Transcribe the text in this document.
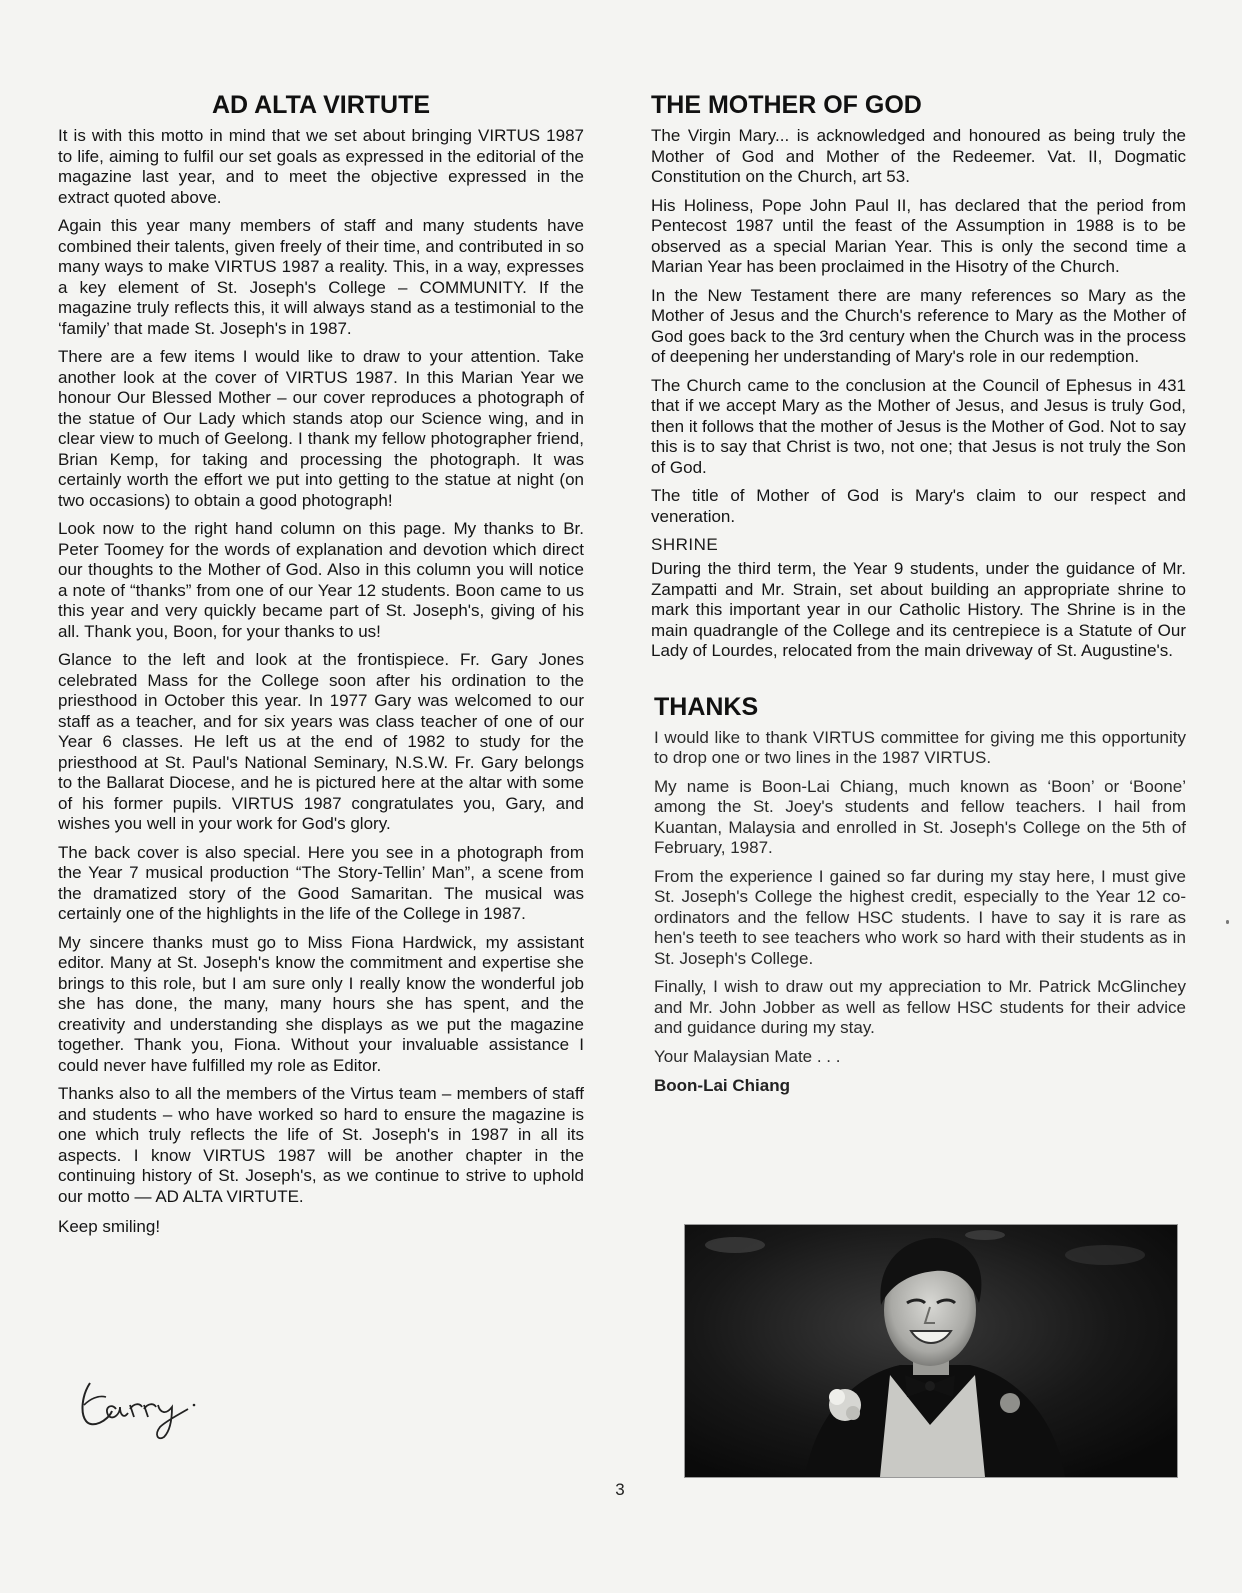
AD ALTA VIRTUTE

It is with this motto in mind that we set about bringing VIRTUS 1987 to life, aiming to fulfil our set goals as expressed in the editorial of the magazine last year, and to meet the objective expressed in the extract quoted above.

Again this year many members of staff and many students have combined their talents, given freely of their time, and contributed in so many ways to make VIRTUS 1987 a reality. This, in a way, expresses a key element of St. Joseph's College – COMMUNITY. If the magazine truly reflects this, it will always stand as a testimonial to the ‘family’ that made St. Joseph's in 1987.

There are a few items I would like to draw to your attention. Take another look at the cover of VIRTUS 1987. In this Marian Year we honour Our Blessed Mother – our cover reproduces a photograph of the statue of Our Lady which stands atop our Science wing, and in clear view to much of Geelong. I thank my fellow photographer friend, Brian Kemp, for taking and processing the photograph. It was certainly worth the effort we put into getting to the statue at night (on two occasions) to obtain a good photograph!

Look now to the right hand column on this page. My thanks to Br. Peter Toomey for the words of explanation and devotion which direct our thoughts to the Mother of God. Also in this column you will notice a note of “thanks” from one of our Year 12 students. Boon came to us this year and very quickly became part of St. Joseph's, giving of his all. Thank you, Boon, for your thanks to us!

Glance to the left and look at the frontispiece. Fr. Gary Jones celebrated Mass for the College soon after his ordination to the priesthood in October this year. In 1977 Gary was welcomed to our staff as a teacher, and for six years was class teacher of one of our Year 6 classes. He left us at the end of 1982 to study for the priesthood at St. Paul's National Seminary, N.S.W. Fr. Gary belongs to the Ballarat Diocese, and he is pictured here at the altar with some of his former pupils. VIRTUS 1987 congratulates you, Gary, and wishes you well in your work for God's glory.

The back cover is also special. Here you see in a photograph from the Year 7 musical production “The Story-Tellin’ Man”, a scene from the dramatized story of the Good Samaritan. The musical was certainly one of the highlights in the life of the College in 1987.

My sincere thanks must go to Miss Fiona Hardwick, my assistant editor. Many at St. Joseph's know the commitment and expertise she brings to this role, but I am sure only I really know the wonderful job she has done, the many, many hours she has spent, and the creativity and understanding she displays as we put the magazine together. Thank you, Fiona. Without your invaluable assistance I could never have fulfilled my role as Editor.

Thanks also to all the members of the Virtus team – members of staff and students – who have worked so hard to ensure the magazine is one which truly reflects the life of St. Joseph's in 1987 in all its aspects. I know VIRTUS 1987 will be another chapter in the continuing history of St. Joseph's, as we continue to strive to uphold our motto — AD ALTA VIRTUTE.

Keep smiling!

THE MOTHER OF GOD

The Virgin Mary... is acknowledged and honoured as being truly the Mother of God and Mother of the Redeemer. Vat. II, Dogmatic Constitution on the Church, art 53.

His Holiness, Pope John Paul II, has declared that the period from Pentecost 1987 until the feast of the Assumption in 1988 is to be observed as a special Marian Year. This is only the second time a Marian Year has been proclaimed in the Hisotry of the Church.

In the New Testament there are many references so Mary as the Mother of Jesus and the Church's reference to Mary as the Mother of God goes back to the 3rd century when the Church was in the process of deepening her understanding of Mary's role in our redemption.

The Church came to the conclusion at the Council of Ephesus in 431 that if we accept Mary as the Mother of Jesus, and Jesus is truly God, then it follows that the mother of Jesus is the Mother of God. Not to say this is to say that Christ is two, not one; that Jesus is not truly the Son of God.

The title of Mother of God is Mary's claim to our respect and veneration.

SHRINE

During the third term, the Year 9 students, under the guidance of Mr. Zampatti and Mr. Strain, set about building an appropriate shrine to mark this important year in our Catholic History. The Shrine is in the main quadrangle of the College and its centrepiece is a Statute of Our Lady of Lourdes, relocated from the main driveway of St. Augustine's.

THANKS

I would like to thank VIRTUS committee for giving me this opportunity to drop one or two lines in the 1987 VIRTUS.

My name is Boon-Lai Chiang, much known as ‘Boon’ or ‘Boone’ among the St. Joey's students and fellow teachers. I hail from Kuantan, Malaysia and enrolled in St. Joseph's College on the 5th of February, 1987.

From the experience I gained so far during my stay here, I must give St. Joseph's College the highest credit, especially to the Year 12 co-ordinators and the fellow HSC students. I have to say it is rare as hen's teeth to see teachers who work so hard with their students as in St. Joseph's College.

Finally, I wish to draw out my appreciation to Mr. Patrick McGlinchey and Mr. John Jobber as well as fellow HSC students for their advice and guidance during my stay.

Your Malaysian Mate . . .

Boon-Lai Chiang
3
